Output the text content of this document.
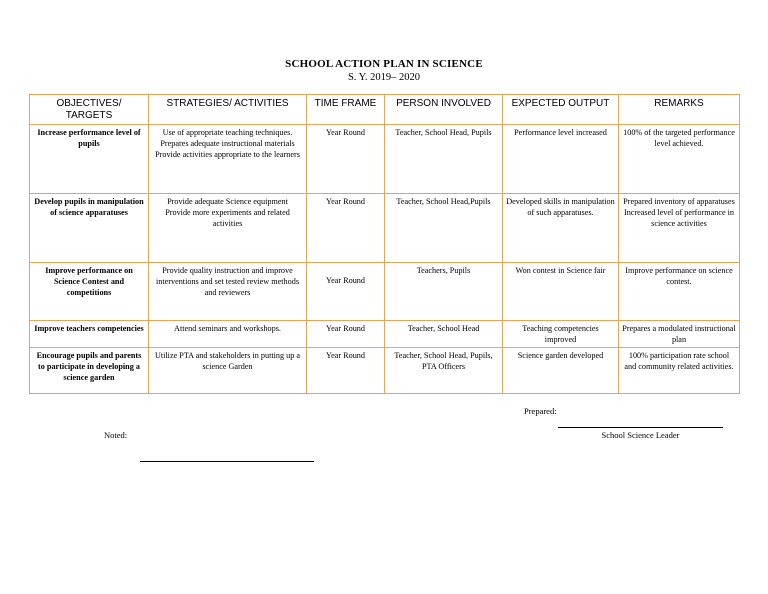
SCHOOL ACTION PLAN IN SCIENCE
S. Y. 2019– 2020
OBJECTIVES/ TARGETS	STRATEGIES/ ACTIVITIES	TIME FRAME	PERSON INVOLVED	EXPECTED OUTPUT	REMARKS
Increase performance level of pupils	Use of appropriate teaching techniques.
Prepares adequate instructional materials
Provide activities appropriate to the learners	Year Round	Teacher, School Head, Pupils	Performance level increased	100% of the targeted performance level achieved.
Develop pupils in manipulation of science apparatuses	Provide adequate Science equipment
Provide more experiments and related activities	Year Round	Teacher, School Head,Pupils	Developed skills in manipulation of such apparatuses.	Prepared inventory of apparatuses
Increased level of performance in science activities
Improve performance on Science Contest and competitions	Provide quality instruction and improve interventions and set tested review methods and reviewers	Year Round	Teachers, Pupils	Won contest in Science fair	Improve performance on science contest.
Improve teachers competencies	Attend seminars and workshops.	Year Round	Teacher, School Head	Teaching competencies improved	Prepares a modulated instructional plan
Encourage pupils and parents to participate in developing a science garden	Utilize PTA and stakeholders in putting up a science Garden	Year Round	Teacher, School Head, Pupils, PTA Officers	Science garden developed	100% participation rate school and community related activities.
Prepared:
School Science Leader
Noted:
